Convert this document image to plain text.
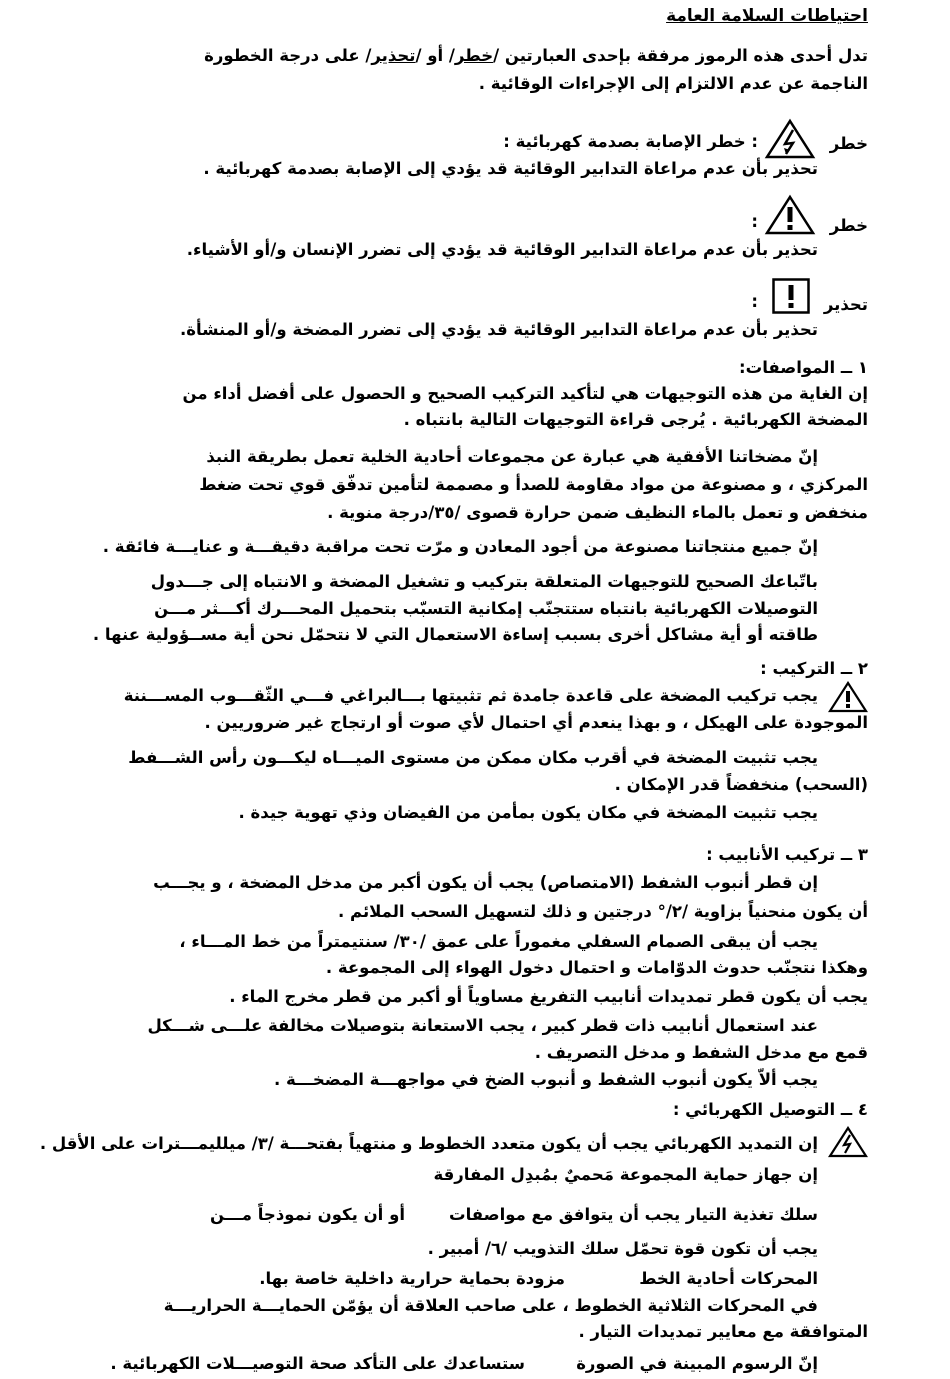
احتياطات السلامة العامة
تدل أحدى هذه الرموز مرفقة بإحدى العبارتين /خطر/ أو /تحذير/ على درجة الخطورة
الناجمة عن عدم الالتزام إلى الإجراءات الوقائية .
خطر
: خطر الإصابة بصدمة كهربائية :
تحذير بأن عدم مراعاة التدابير الوقائية قد يؤدي إلى الإصابة بصدمة كهربائية .
خطر
:
تحذير بأن عدم مراعاة التدابير الوقائية قد يؤدي إلى تضرر الإنسان و/أو الأشياء.
تحذير
:
تحذير بأن عدم مراعاة التدابير الوقائية قد يؤدي إلى تضرر المضخة و/أو المنشأة.
١ ــ المواصفات:
إن الغاية من هذه التوجيهات هي لتأكيد التركيب الصحيح و الحصول على أفضل أداء من
المضخة الكهربائية . يُرجى قراءة التوجيهات التالية بانتباه .
إنّ مضخاتنا الأفقية هي عبارة عن مجموعات أحادية الخلية تعمل بطريقة النبذ
المركزي ، و مصنوعة من مواد مقاومة للصدأ و مصممة لتأمين تدفّق قوي تحت ضغط
منخفض و تعمل بالماء النظيف ضمن حرارة قصوى /٣٥/درجة منوية .
إنّ جميع منتجاتنا مصنوعة من أجود المعادن و مرّت تحت مراقبة دقيقـــة و عنايـــة فائقة .
باتّباعك الصحيح للتوجيهات المتعلقة بتركيب و تشغيل المضخة و الانتباه إلى جـــدول
التوصيلات الكهربائية بانتباه ستتجنّب إمكانية التسبّب بتحميل المحـــرك أكـــثر مـــن
طاقته أو أية مشاكل أخرى بسبب إساءة الاستعمال التي لا نتحمّل نحن أية مســؤولية عنها .
٢ ــ التركيب :
يجب تركيب المضخة على قاعدة جامدة ثم تثبيتها بـــالبراغي فـــي الثّقـــوب المســـننة
الموجودة على الهيكل ، و بهذا ينعدم أي احتمال لأي صوت أو ارتجاج غير ضروريين .
يجب تثبيت المضخة في أقرب مكان ممكن من مستوى الميـــاه ليكـــون رأس الشـــفط
(السحب) منخفضاً قدر الإمكان .
يجب تثبيت المضخة في مكان يكون بمأمن من الفيضان وذي تهوية جيدة .
٣ ــ تركيب الأنابيب :
إن قطر أنبوب الشفط (الامتصاص) يجب أن يكون أكبر من مدخل المضخة ، و يجـــب
أن يكون منحنياً بزاوية /٢/° درجتين و ذلك لتسهيل السحب الملائم .
يجب أن يبقى الصمام السفلي مغموراً على عمق /٣٠/ سنتيمتراً من خط المـــاء ،
وهكذا نتجنّب حدوث الدوّامات و احتمال دخول الهواء إلى المجموعة .
يجب أن يكون قطر تمديدات أنابيب التفريغ مساوياً أو أكبر من قطر مخرج الماء .
عند استعمال أنابيب ذات قطر كبير ، يجب الاستعانة بتوصيلات مخالفة علـــى شـــكل
قمع مع مدخل الشفط و مدخل التصريف .
يجب ألاّ يكون أنبوب الشفط و أنبوب الضخ في مواجهـــة المضخـــة .
٤ ــ التوصيل الكهربائي :
إن التمديد الكهربائي يجب أن يكون متعدد الخطوط و منتهياً بفتحـــة /٣/ ميلليمـــترات على الأقل .
إن جهاز حماية المجموعة مَحميٌ بمُبدِل المفارقة
سلك تغذية التيار يجب أن يتوافق مع مواصفات
أو أن يكون نموذجاً مـــن
يجب أن تكون قوة تحمّل سلك التذويب /٦/ أمبير .
المحركات أحادية الخط
مزودة بحماية حرارية داخلية خاصة بها.
في المحركات الثلاثية الخطوط ، على صاحب العلاقة أن يؤمّن الحمايـــة الحراريـــة
المتوافقة مع معايير تمديدات التيار .
إنّ الرسوم المبينة في الصورة
ستساعدك على التأكد صحة التوصيـــلات الكهربائية .
